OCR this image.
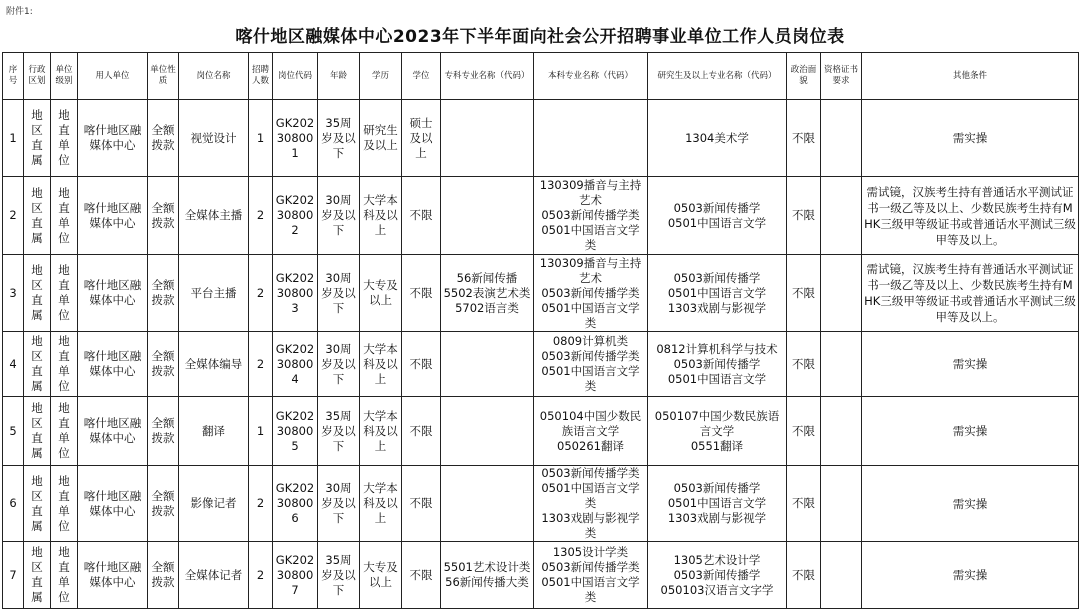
附件1:
喀什地区融媒体中心2023年下半年面向社会公开招聘事业单位工作人员岗位表
序号	行政区划	单位级别	用人单位	单位性质	岗位名称	招聘人数	岗位代码	年龄	学历	学位	专科专业名称（代码）	本科专业名称（代码）	研究生及以上专业名称（代码）	政治面貌	资格证书要求	其他条件
1	地区直属	地直单位	喀什地区融媒体中心	全额拨款	视觉设计	1	GK20230800 1	35周岁及以下	研究生及以上	硕士及以上			1304美术学	不限		需实操
2	地区直属	地直单位	喀什地区融媒体中心	全额拨款	全媒体主播	2	GK20230800 2	30周岁及以下	大学本科及以上	不限		130309播音与主持艺术
0503新闻传播学类
0501中国语言文学类	0503新闻传播学
0501中国语言文学	不限		需试镜，汉族考生持有普通话水平测试证书一级乙等及以上、少数民族考生持有MHK三级甲等级证书或普通话水平测试三级甲等及以上。
3	地区直属	地直单位	喀什地区融媒体中心	全额拨款	平台主播	2	GK20230800 3	30周岁及以下	大专及以上	不限	56新闻传播
5502表演艺术类
5702语言类	130309播音与主持艺术
0503新闻传播学类
0501中国语言文学类	0503新闻传播学
0501中国语言文学
1303戏剧与影视学	不限		需试镜，汉族考生持有普通话水平测试证书一级乙等及以上、少数民族考生持有MHK三级甲等级证书或普通话水平测试三级甲等及以上。
4	地区直属	地直单位	喀什地区融媒体中心	全额拨款	全媒体编导	2	GK20230800 4	30周岁及以下	大学本科及以上	不限		0809计算机类
0503新闻传播学类
0501中国语言文学类	0812计算机科学与技术
0503新闻传播学
0501中国语言文学	不限		需实操
5	地区直属	地直单位	喀什地区融媒体中心	全额拨款	翻译	1	GK20230800 5	35周岁及以下	大学本科及以上	不限		050104中国少数民族语言文学
050261翻译	050107中国少数民族语言文学
0551翻译	不限		需实操
6	地区直属	地直单位	喀什地区融媒体中心	全额拨款	影像记者	2	GK20230800 6	30周岁及以下	大学本科及以上	不限		0503新闻传播学类
0501中国语言文学类
1303戏剧与影视学类	0503新闻传播学
0501中国语言文学
1303戏剧与影视学	不限		需实操
7	地区直属	地直单位	喀什地区融媒体中心	全额拨款	全媒体记者	2	GK20230800 7	35周岁及以下	大专及以上	不限	5501艺术设计类
56新闻传播大类	1305设计学类
0503新闻传播学类
0501中国语言文学类	1305艺术设计学
0503新闻传播学
050103汉语言文字学	不限		需实操
